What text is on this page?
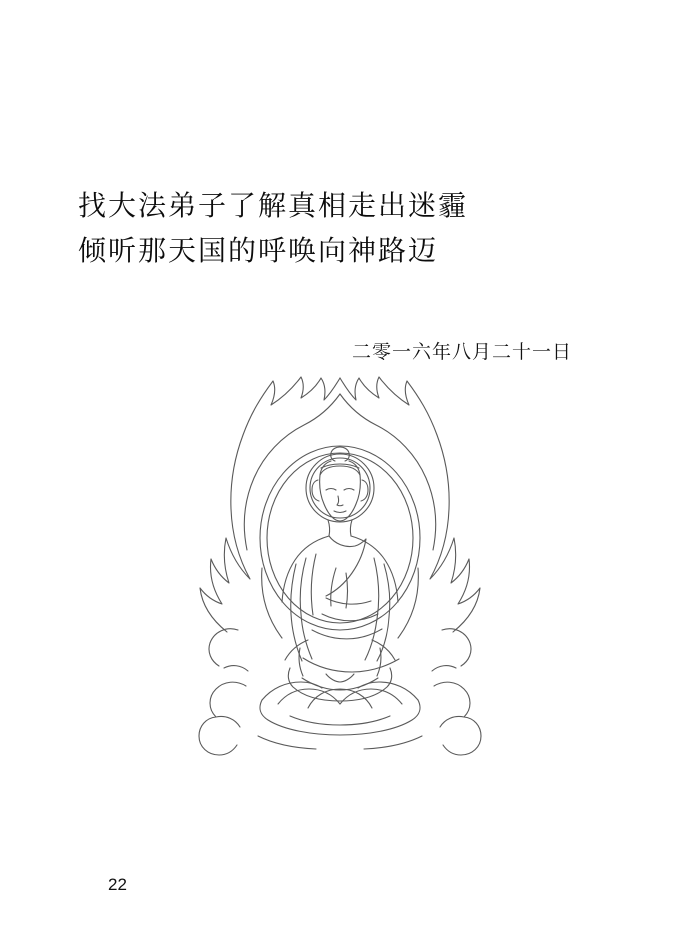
找大法弟子了解真相走出迷霾
倾听那天国的呼唤向神路迈
二零一六年八月二十一日
22
